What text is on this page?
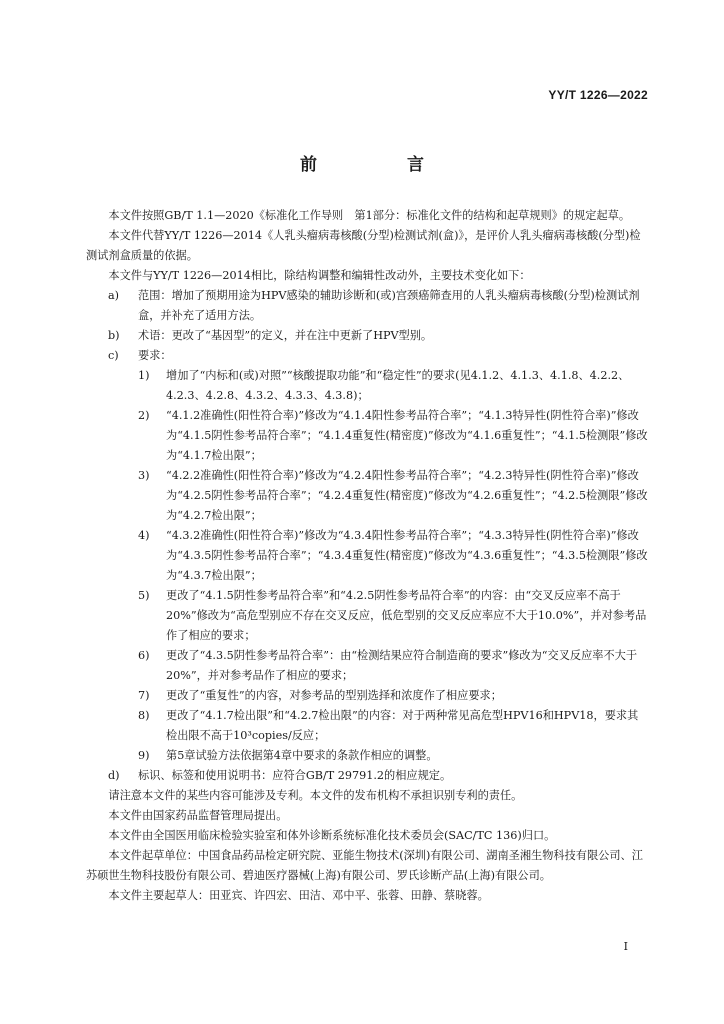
YY/T 1226—2022
前 言

本文件按照GB/T 1.1—2020《标准化工作导则　第1部分：标准化文件的结构和起草规则》的规定起草。

本文件代替YY/T 1226—2014《人乳头瘤病毒核酸(分型)检测试剂(盒)》，是评价人乳头瘤病毒核酸(分型)检测试剂盒质量的依据。

本文件与YY/T 1226—2014相比，除结构调整和编辑性改动外，主要技术变化如下：

a)	范围：增加了预期用途为HPV感染的辅助诊断和(或)宫颈癌筛查用的人乳头瘤病毒核酸(分型)检测试剂盒，并补充了适用方法。
b)	术语：更改了“基因型”的定义，并在注中更新了HPV型别。
c)	要求：
1)	增加了“内标和(或)对照”“核酸提取功能”和“稳定性”的要求(见4.1.2、4.1.3、4.1.8、4.2.2、4.2.3、4.2.8、4.3.2、4.3.3、4.3.8)；
2)	“4.1.2准确性(阳性符合率)”修改为“4.1.4阳性参考品符合率”；“4.1.3特异性(阴性符合率)”修改为“4.1.5阴性参考品符合率”；“4.1.4重复性(精密度)”修改为“4.1.6重复性”；“4.1.5检测限”修改为“4.1.7检出限”；
3)	“4.2.2准确性(阳性符合率)”修改为“4.2.4阳性参考品符合率”；“4.2.3特异性(阴性符合率)”修改为“4.2.5阴性参考品符合率”；“4.2.4重复性(精密度)”修改为“4.2.6重复性”；“4.2.5检测限”修改为“4.2.7检出限”；
4)	“4.3.2准确性(阳性符合率)”修改为“4.3.4阳性参考品符合率”；“4.3.3特异性(阴性符合率)”修改为“4.3.5阴性参考品符合率”；“4.3.4重复性(精密度)”修改为“4.3.6重复性”；“4.3.5检测限”修改为“4.3.7检出限”；
5)	更改了“4.1.5阴性参考品符合率”和“4.2.5阴性参考品符合率”的内容：由“交叉反应率不高于20%”修改为“高危型别应不存在交叉反应，低危型别的交叉反应率应不大于10.0%”，并对参考品作了相应的要求；
6)	更改了“4.3.5阴性参考品符合率”：由“检测结果应符合制造商的要求”修改为“交叉反应率不大于20%”，并对参考品作了相应的要求；
7)	更改了“重复性”的内容，对参考品的型别选择和浓度作了相应要求；
8)	更改了“4.1.7检出限”和“4.2.7检出限”的内容：对于两种常见高危型HPV16和HPV18，要求其检出限不高于10³copies/反应；
9)	第5章试验方法依据第4章中要求的条款作相应的调整。
d)	标识、标签和使用说明书：应符合GB/T 29791.2的相应规定。

请注意本文件的某些内容可能涉及专利。本文件的发布机构不承担识别专利的责任。

本文件由国家药品监督管理局提出。

本文件由全国医用临床检验实验室和体外诊断系统标准化技术委员会(SAC/TC 136)归口。

本文件起草单位：中国食品药品检定研究院、亚能生物技术(深圳)有限公司、湖南圣湘生物科技有限公司、江苏硕世生物科技股份有限公司、碧迪医疗器械(上海)有限公司、罗氏诊断产品(上海)有限公司。

本文件主要起草人：田亚宾、许四宏、田洁、邓中平、张蓉、田静、蔡晓蓉。

I
